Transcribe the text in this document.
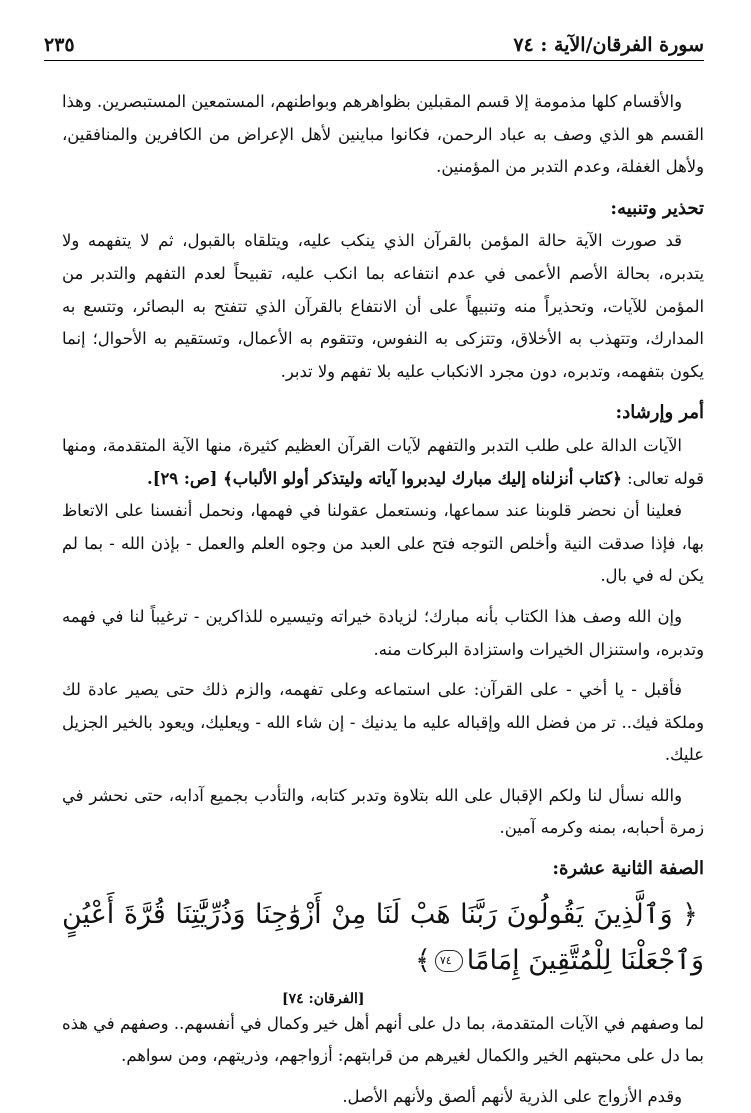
٢٣٥	سورة الفرقان/الآية : ٧٤

والأقسام كلها مذمومة إلا قسم المقبلين بظواهرهم وبواطنهم، المستمعين المستبصرين. وهذا القسم هو الذي وصف به عباد الرحمن، فكانوا مباينين لأهل الإعراض من الكافرين والمنافقين، ولأهل الغفلة، وعدم التدبر من المؤمنين.

تحذير وتنبيه:

قد صورت الآية حالة المؤمن بالقرآن الذي ينكب عليه، ويتلقاه بالقبول، ثم لا يتفهمه ولا يتدبره، بحالة الأصم الأعمى في عدم انتفاعه بما انكب عليه، تقبيحاً لعدم التفهم والتدبر من المؤمن للآيات، وتحذيراً منه وتنبيهاً على أن الانتفاع بالقرآن الذي تتفتح به البصائر، وتتسع به المدارك، وتتهذب به الأخلاق، وتتزكى به النفوس، وتتقوم به الأعمال، وتستقيم به الأحوال؛ إنما يكون بتفهمه، وتدبره، دون مجرد الانكباب عليه بلا تفهم ولا تدبر.

أمر وإرشاد:

الآيات الدالة على طلب التدبر والتفهم لآيات القرآن العظيم كثيرة، منها الآية المتقدمة، ومنها قوله تعالى: ﴿كتاب أنزلناه إليك مبارك ليدبروا آياته وليتذكر أولو الألباب﴾ [ص: ٢٩].

فعلينا أن نحضر قلوبنا عند سماعها، ونستعمل عقولنا في فهمها، ونحمل أنفسنا على الاتعاظ بها، فإذا صدقت النية وأخلص التوجه فتح على العبد من وجوه العلم والعمل - بإذن الله - بما لم يكن له في بال.

وإن الله وصف هذا الكتاب بأنه مبارك؛ لزيادة خيراته وتيسيره للذاكرين - ترغيباً لنا في فهمه وتدبره، واستنزال الخيرات واستزادة البركات منه.

فأقبل - يا أخي - على القرآن: على استماعه وعلى تفهمه، والزم ذلك حتى يصير عادة لك وملكة فيك.. تر من فضل الله وإقباله عليه ما يدنيك - إن شاء الله - ويعليك، ويعود بالخير الجزيل عليك.

والله نسأل لنا ولكم الإقبال على الله بتلاوة وتدبر كتابه، والتأدب بجميع آدابه، حتى نحشر في زمرة أحبابه، بمنه وكرمه آمين.

الصفة الثانية عشرة:

﴿ وَٱلَّذِينَ يَقُولُونَ رَبَّنَا هَبْ لَنَا مِنْ أَزْوَٰجِنَا وَذُرِّيَّٰتِنَا قُرَّةَ أَعْيُنٍ وَٱجْعَلْنَا لِلْمُتَّقِينَ إِمَامًا٧٤﴾

[الفرقان: ٧٤]

لما وصفهم في الآيات المتقدمة، بما دل على أنهم أهل خير وكمال في أنفسهم.. وصفهم في هذه بما دل على محبتهم الخير والكمال لغيرهم من قرابتهم: أزواجهم، وذريتهم، ومن سواهم.

وقدم الأزواج على الذرية لأنهم ألصق ولأنهم الأصل.
